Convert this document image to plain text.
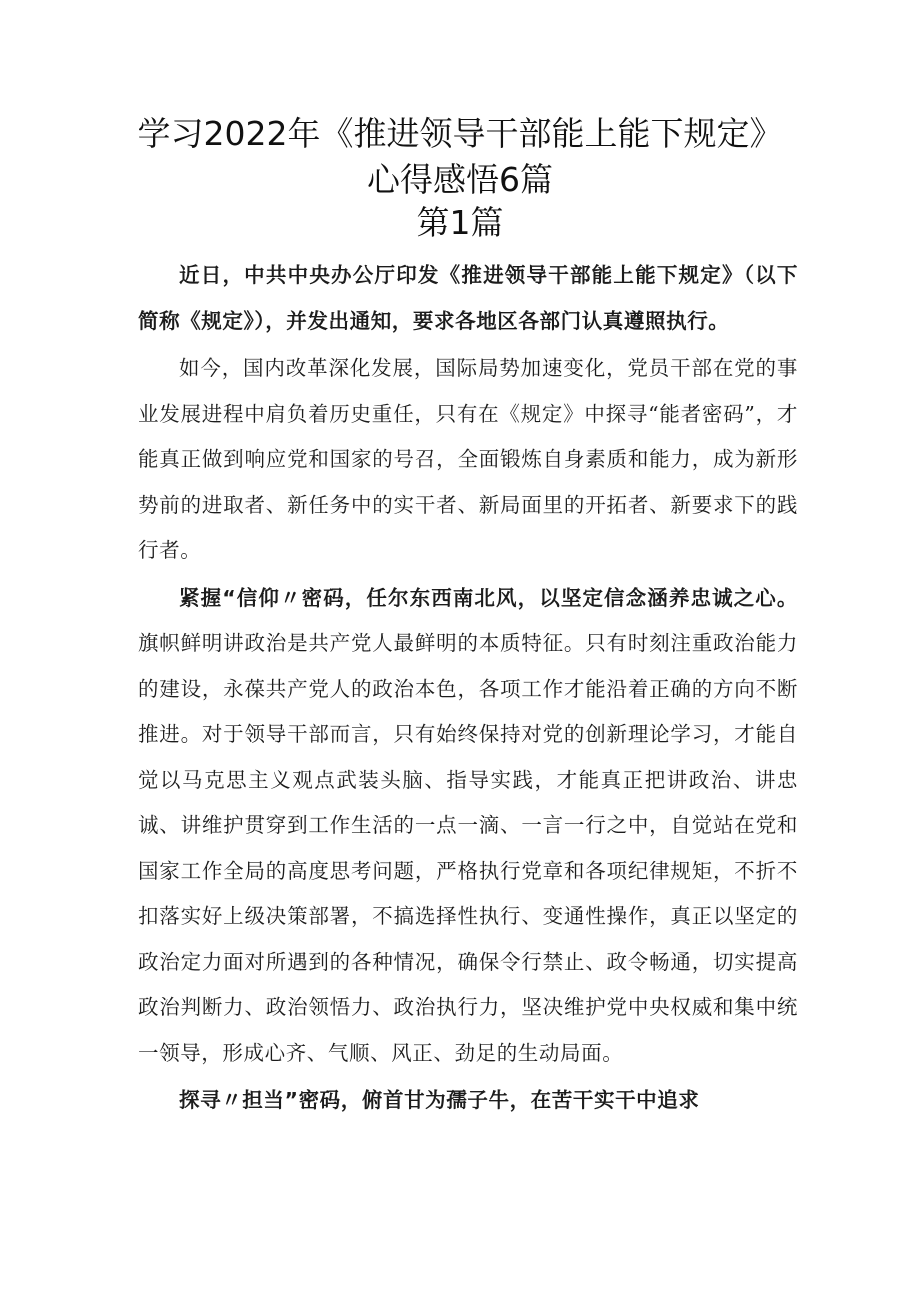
学习2022年《推进领导干部能上能下规定》
心得感悟6篇
第1篇

近日，中共中央办公厅印发《推进领导干部能上能下规定》（以下简称《规定》），并发出通知，要求各地区各部门认真遵照执行。

如今，国内改革深化发展，国际局势加速变化，党员干部在党的事业发展进程中肩负着历史重任，只有在《规定》中探寻“能者密码”，才能真正做到响应党和国家的号召，全面锻炼自身素质和能力，成为新形势前的进取者、新任务中的实干者、新局面里的开拓者、新要求下的践行者。

紧握“信仰〃密码，任尔东西南北风，以坚定信念涵养忠诚之心。旗帜鲜明讲政治是共产党人最鲜明的本质特征。只有时刻注重政治能力的建设，永葆共产党人的政治本色，各项工作才能沿着正确的方向不断推进。对于领导干部而言，只有始终保持对党的创新理论学习，才能自觉以马克思主义观点武装头脑、指导实践，才能真正把讲政治、讲忠诚、讲维护贯穿到工作生活的一点一滴、一言一行之中，自觉站在党和国家工作全局的高度思考问题，严格执行党章和各项纪律规矩，不折不扣落实好上级决策部署，不搞选择性执行、变通性操作，真正以坚定的政治定力面对所遇到的各种情况，确保令行禁止、政令畅通，切实提高政治判断力、政治领悟力、政治执行力，坚决维护党中央权威和集中统一领导，形成心齐、气顺、风正、劲足的生动局面。

探寻〃担当”密码，俯首甘为孺子牛，在苦干实干中追求
